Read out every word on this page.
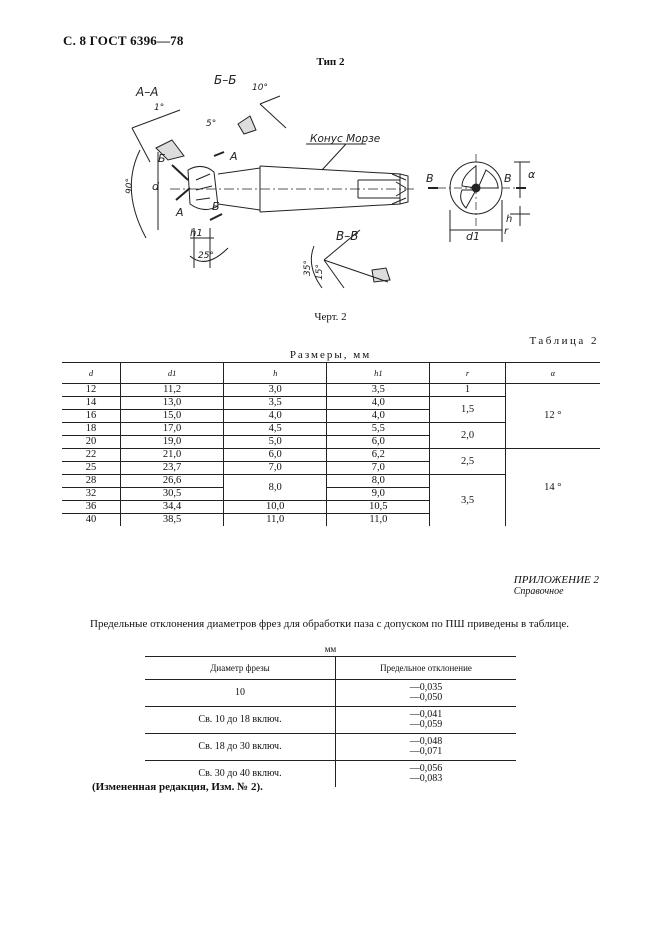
С. 8 ГОСТ 6396—78
Тип 2
А–А
Б–Б
В–В
Конус Морзе
1°
5°
10°
90°
25°
35° 15°
d
d1
h
h1	r
α
А
А
Б
Б
В	В
Черт. 2
Таблица 2
Размеры, мм
d	d1	h	h1	r	α
12	11,2	3,0	3,5	1	12 °
14	13,0	3,5	4,0	1,5	
16	15,0	4,0	4,0		
18	17,0	4,5	5,5	2,0	
20	19,0	5,0	6,0		
22	21,0	6,0	6,2	2,5	14 °
25	23,7	7,0	7,0		
28	26,6	8,0	8,0	3,5	
32	30,5		9,0		
36	34,4	10,0	10,5		
40	38,5	11,0	11,0		
ПРИЛОЖЕНИЕ 2
Справочное
Предельные отклонения диаметров фрез для обработки паза с допуском по ПШ приведены в таблице.
мм
Диаметр фрезы	Предельное отклонение
10	—0,035
—0,050

Св. 10 до 18 включ.	—0,041
—0,059

Св. 18 до 30 включ.	—0,048
—0,071

Св. 30 до 40 включ.	—0,056
—0,083
(Измененная редакция, Изм. № 2).
